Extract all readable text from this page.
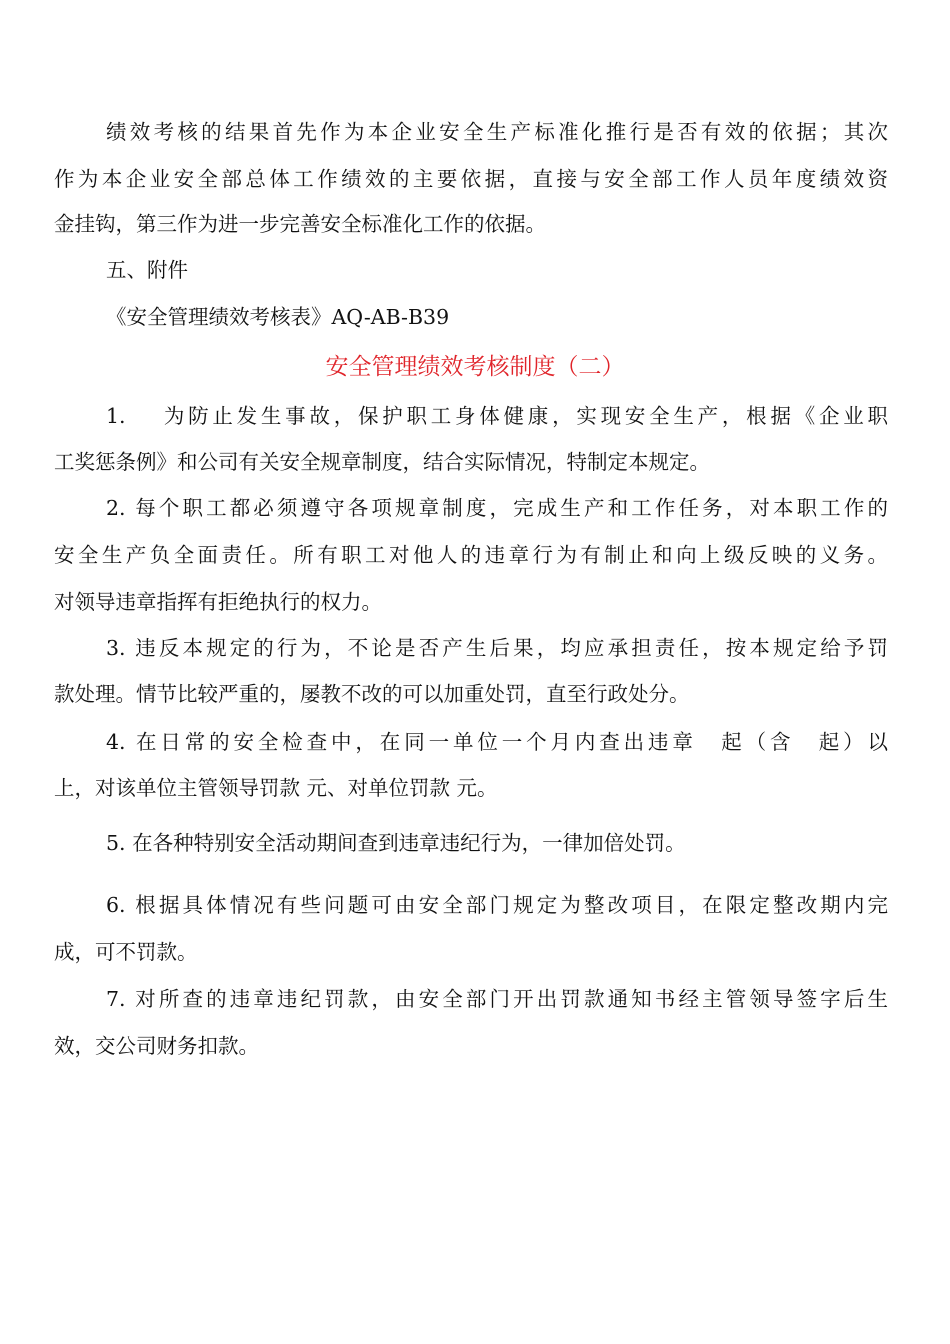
绩效考核的结果首先作为本企业安全生产标准化推行是否有效的依据；其次
作为本企业安全部总体工作绩效的主要依据，直接与安全部工作人员年度绩效资
金挂钩，第三作为进一步完善安全标准化工作的依据。
五、附件
《安全管理绩效考核表》AQ-AB-B39
安全管理绩效考核制度（二）
1.　 为防止发生事故，保护职工身体健康，实现安全生产，根据《企业职
工奖惩条例》和公司有关安全规章制度，结合实际情况，特制定本规定。
2. 每个职工都必须遵守各项规章制度，完成生产和工作任务，对本职工作的
安全生产负全面责任。所有职工对他人的违章行为有制止和向上级反映的义务。
对领导违章指挥有拒绝执行的权力。
3. 违反本规定的行为，不论是否产生后果，均应承担责任，按本规定给予罚
款处理。情节比较严重的，屡教不改的可以加重处罚，直至行政处分。
4. 在日常的安全检查中，在同一单位一个月内查出违章　起（含　起）以
上，对该单位主管领导罚款 元、对单位罚款 元。
5. 在各种特别安全活动期间查到违章违纪行为，一律加倍处罚。
6. 根据具体情况有些问题可由安全部门规定为整改项目，在限定整改期内完
成，可不罚款。
7. 对所查的违章违纪罚款，由安全部门开出罚款通知书经主管领导签字后生
效，交公司财务扣款。
